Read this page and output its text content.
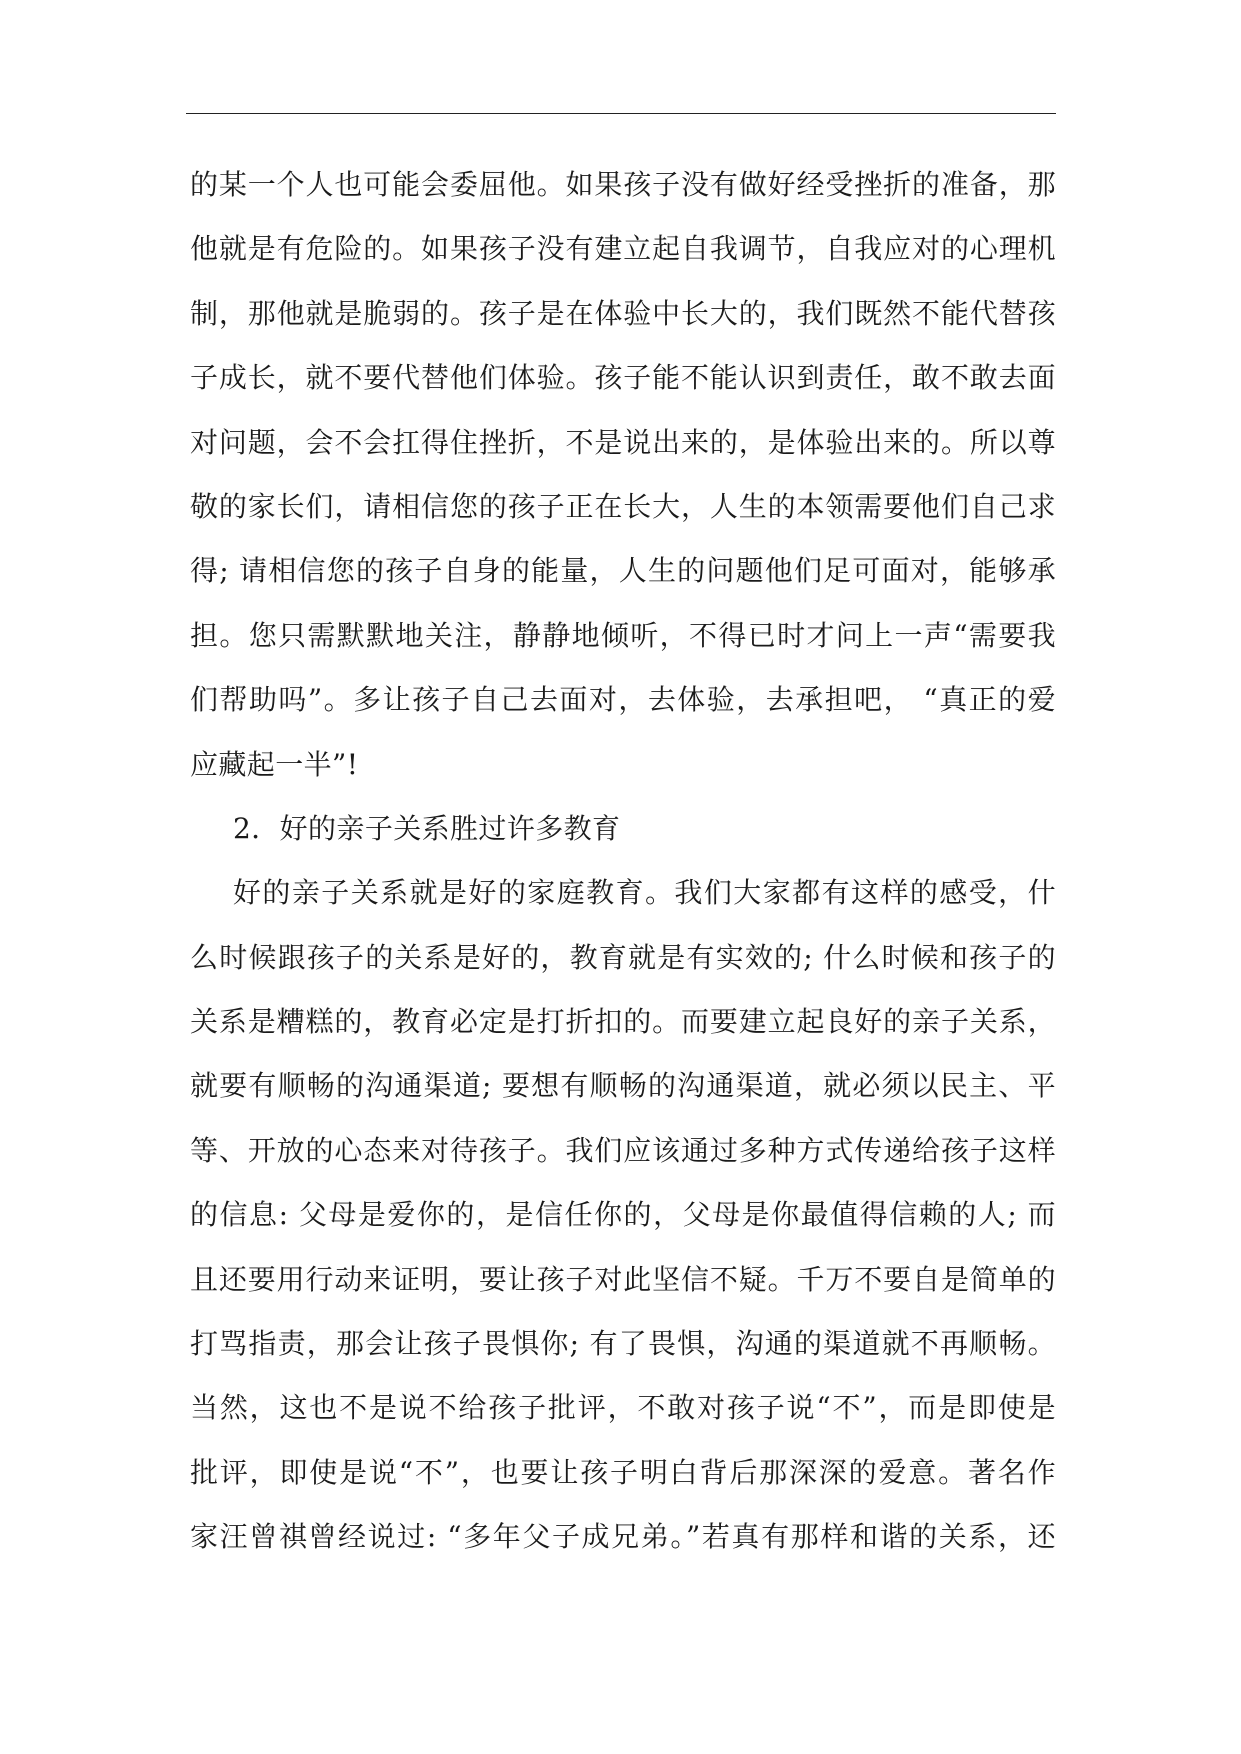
的某一个人也可能会委屈他。如果孩子没有做好经受挫折的准备，那
他就是有危险的。如果孩子没有建立起自我调节，自我应对的心理机
制，那他就是脆弱的。孩子是在体验中长大的，我们既然不能代替孩
子成长，就不要代替他们体验。孩子能不能认识到责任，敢不敢去面
对问题，会不会扛得住挫折，不是说出来的，是体验出来的。所以尊
敬的家长们，请相信您的孩子正在长大，人生的本领需要他们自己求
得; 请相信您的孩子自身的能量，人生的问题他们足可面对，能够承
担。您只需默默地关注，静静地倾听，不得已时才问上一声“需要我
们帮助吗”。多让孩子自己去面对，去体验，去承担吧， “真正的爱
应藏起一半”!
2．好的亲子关系胜过许多教育
好的亲子关系就是好的家庭教育。我们大家都有这样的感受，什
么时候跟孩子的关系是好的，教育就是有实效的; 什么时候和孩子的
关系是糟糕的，教育必定是打折扣的。而要建立起良好的亲子关系，
就要有顺畅的沟通渠道; 要想有顺畅的沟通渠道，就必须以民主、平
等、开放的心态来对待孩子。我们应该通过多种方式传递给孩子这样
的信息: 父母是爱你的，是信任你的，父母是你最值得信赖的人; 而
且还要用行动来证明，要让孩子对此坚信不疑。千万不要自是简单的
打骂指责，那会让孩子畏惧你; 有了畏惧，沟通的渠道就不再顺畅。
当然，这也不是说不给孩子批评，不敢对孩子说“不”，而是即使是
批评，即使是说“不”，也要让孩子明白背后那深深的爱意。著名作
家汪曾祺曾经说过: “多年父子成兄弟。”若真有那样和谐的关系，还
